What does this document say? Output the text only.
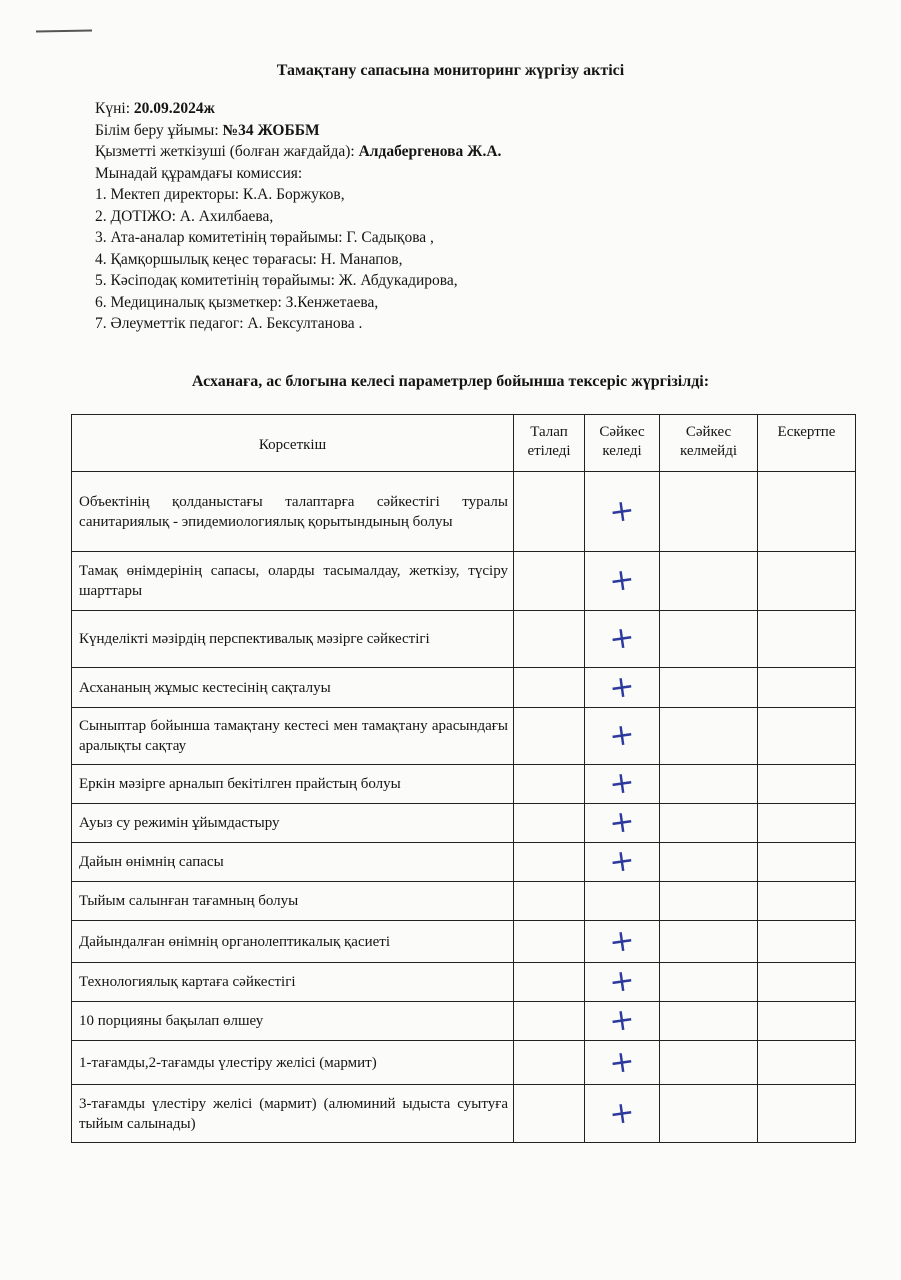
Тамақтану сапасына мониторинг жүргізу актісі
Күні: 20.09.2024ж
Білім беру ұйымы: №34 ЖОББМ
Қызметті жеткізуші (болған жағдайда): Алдабергенова Ж.А.
Мынадай құрамдағы комиссия:
1. Мектеп директоры: К.А. Боржуков,
2. ДОТІЖО: А. Ахилбаева,
3. Ата-аналар комитетінің төрайымы: Г. Садықова ,
4. Қамқоршылық кеңес төрағасы: Н. Манапов,
5. Кәсіподақ комитетінің төрайымы: Ж. Абдукадирова,
6. Медициналық қызметкер: З.Кенжетаева,
7. Әлеуметтік педагог: А. Бексултанова .
Асханаға, ас блогына келесі параметрлер бойынша тексеріс жүргізілді:
Корсеткіш	Талап етіледі	Сәйкес келеді	Сәйкес келмейді	Ескертпе
Объектінің қолданыстағы талаптарға сәйкестігі туралы санитариялық - эпидемиологиялық қорытындының болуы		+		

Тамақ өнімдерінің сапасы, оларды тасымалдау, жеткізу, түсіру шарттары		+		

Күнделікті мәзірдің перспективалық мәзірге сәйкестігі		+		

Асхананың жұмыс кестесінің сақталуы		+		

Сыныптар бойынша тамақтану кестесі мен тамақтану арасындағы аралықты сақтау		+		

Еркін мәзірге арналып бекітілген прайстың болуы		+		

Ауыз су режимін ұйымдастыру		+		

Дайын өнімнің сапасы		+		

Тыйым салынған тағамның болуы		

Дайындалған өнімнің органолептикалық қасиеті		+		

Технологиялық картаға сәйкестігі		+		

10 порцияны бақылап өлшеу		+		

1-тағамды,2-тағамды үлестіру желісі (мармит)		+		

3-тағамды үлестіру желісі (мармит) (алюминий ыдыста суытуға тыйым салынады)		+		
